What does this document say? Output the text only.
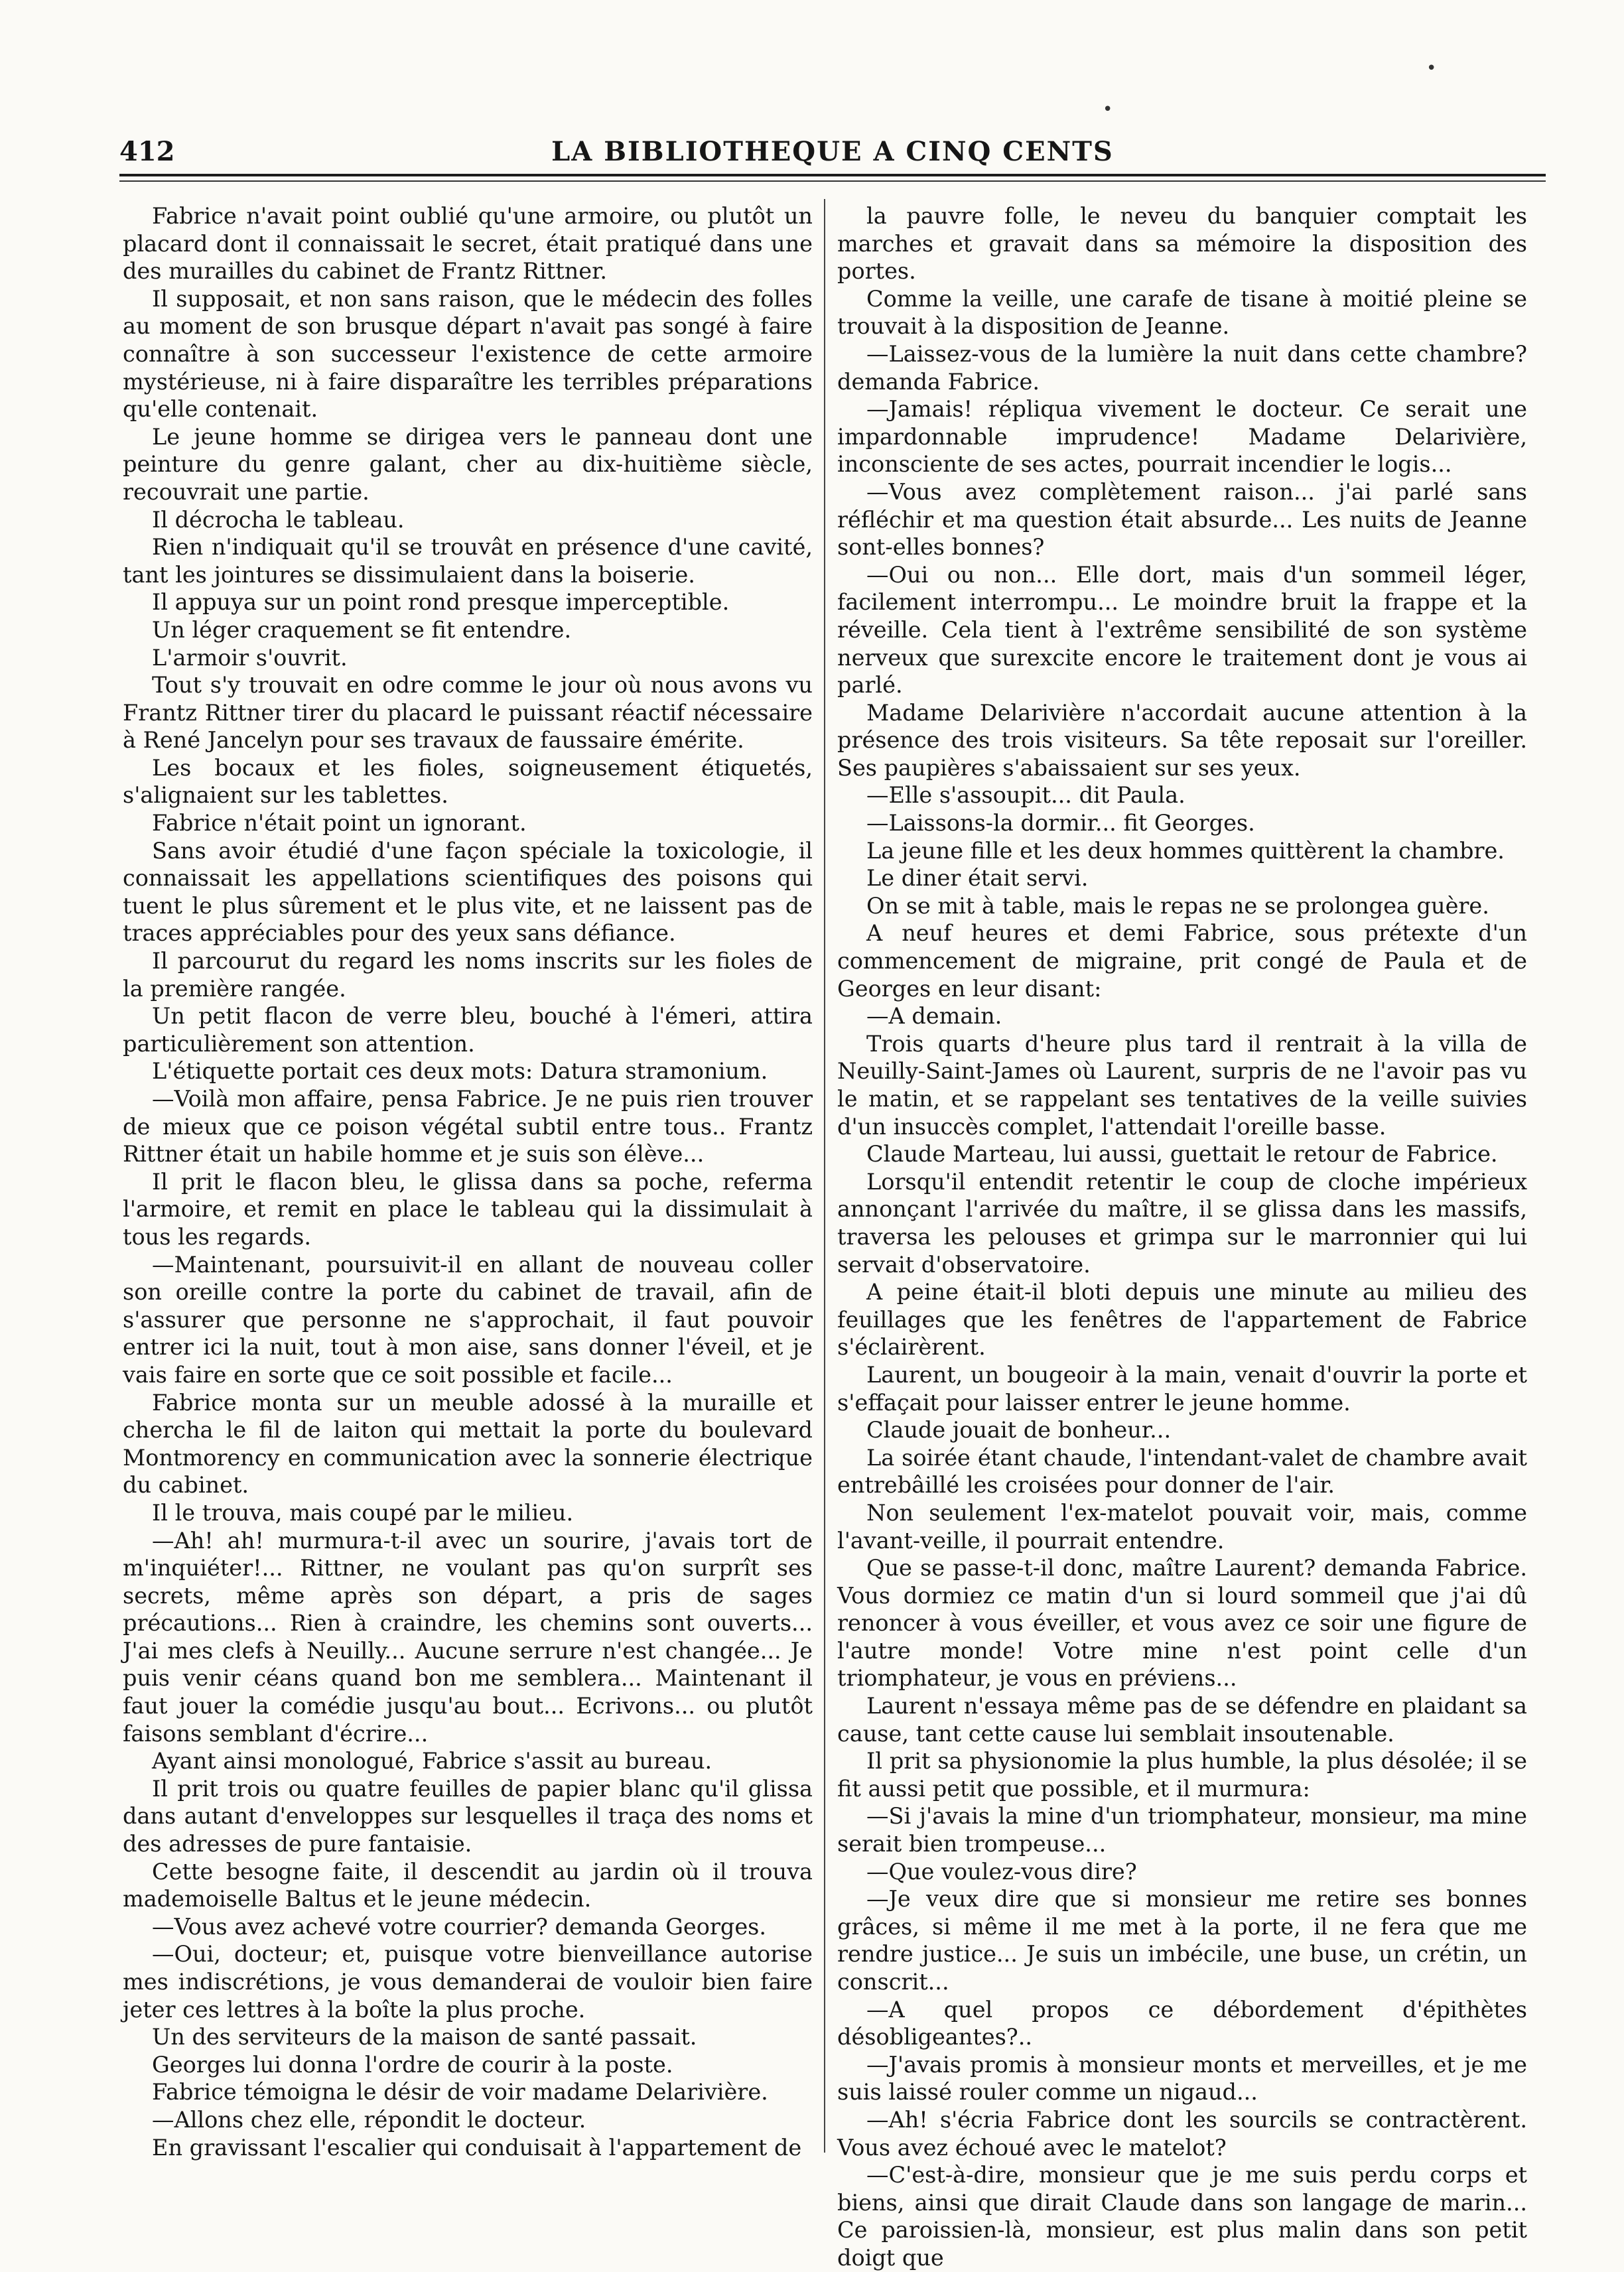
•
•
412	LA BIBLIOTHEQUE A CINQ CENTS

Fabrice n'avait point oublié qu'une armoire, ou plutôt un placard dont il connaissait le secret, était pratiqué dans une des murailles du cabinet de Frantz Rittner.

Il supposait, et non sans raison, que le médecin des folles au moment de son brusque départ n'avait pas songé à faire connaître à son successeur l'existence de cette armoire mystérieuse, ni à faire disparaître les terribles préparations qu'elle contenait.

Le jeune homme se dirigea vers le panneau dont une peinture du genre galant, cher au dix-huitième siècle, recouvrait une partie.

Il décrocha le tableau.

Rien n'indiquait qu'il se trouvât en présence d'une cavité, tant les jointures se dissimulaient dans la boiserie.

Il appuya sur un point rond presque imperceptible.

Un léger craquement se fit entendre.

L'armoir s'ouvrit.

Tout s'y trouvait en odre comme le jour où nous avons vu Frantz Rittner tirer du placard le puissant réactif nécessaire à René Jancelyn pour ses travaux de faussaire émérite.

Les bocaux et les fioles, soigneusement étiquetés, s'alignaient sur les tablettes.

Fabrice n'était point un ignorant.

Sans avoir étudié d'une façon spéciale la toxicologie, il connaissait les appellations scientifiques des poisons qui tuent le plus sûrement et le plus vite, et ne laissent pas de traces appréciables pour des yeux sans défiance.

Il parcourut du regard les noms inscrits sur les fioles de la première rangée.

Un petit flacon de verre bleu, bouché à l'émeri, attira particulièrement son attention.

L'étiquette portait ces deux mots: Datura stramonium.

—Voilà mon affaire, pensa Fabrice. Je ne puis rien trouver de mieux que ce poison végétal subtil entre tous.. Frantz Rittner était un habile homme et je suis son élève...

Il prit le flacon bleu, le glissa dans sa poche, referma l'armoire, et remit en place le tableau qui la dissimulait à tous les regards.

—Maintenant, poursuivit-il en allant de nouveau coller son oreille contre la porte du cabinet de travail, afin de s'assurer que personne ne s'approchait, il faut pouvoir entrer ici la nuit, tout à mon aise, sans donner l'éveil, et je vais faire en sorte que ce soit possible et facile...

Fabrice monta sur un meuble adossé à la muraille et chercha le fil de laiton qui mettait la porte du boulevard Montmorency en communication avec la sonnerie électrique du cabinet.

Il le trouva, mais coupé par le milieu.

—Ah! ah! murmura-t-il avec un sourire, j'avais tort de m'inquiéter!... Rittner, ne voulant pas qu'on surprît ses secrets, même après son départ, a pris de sages précautions... Rien à craindre, les chemins sont ouverts... J'ai mes clefs à Neuilly... Aucune serrure n'est changée... Je puis venir céans quand bon me semblera... Maintenant il faut jouer la comédie jusqu'au bout... Ecrivons... ou plutôt faisons semblant d'écrire...

Ayant ainsi monologué, Fabrice s'assit au bureau.

Il prit trois ou quatre feuilles de papier blanc qu'il glissa dans autant d'enveloppes sur lesquelles il traça des noms et des adresses de pure fantaisie.

Cette besogne faite, il descendit au jardin où il trouva mademoiselle Baltus et le jeune médecin.

—Vous avez achevé votre courrier? demanda Georges.

—Oui, docteur; et, puisque votre bienveillance autorise mes indiscrétions, je vous demanderai de vouloir bien faire jeter ces lettres à la boîte la plus proche.

Un des serviteurs de la maison de santé passait.

Georges lui donna l'ordre de courir à la poste.

Fabrice témoigna le désir de voir madame Delarivière.

—Allons chez elle, répondit le docteur.

En gravissant l'escalier qui conduisait à l'appartement de

la pauvre folle, le neveu du banquier comptait les marches et gravait dans sa mémoire la disposition des portes.

Comme la veille, une carafe de tisane à moitié pleine se trouvait à la disposition de Jeanne.

—Laissez-vous de la lumière la nuit dans cette chambre? demanda Fabrice.

—Jamais! répliqua vivement le docteur. Ce serait une impardonnable imprudence! Madame Delarivière, inconsciente de ses actes, pourrait incendier le logis...

—Vous avez complètement raison... j'ai parlé sans réfléchir et ma question était absurde... Les nuits de Jeanne sont-elles bonnes?

—Oui ou non... Elle dort, mais d'un sommeil léger, facilement interrompu... Le moindre bruit la frappe et la réveille. Cela tient à l'extrême sensibilité de son système nerveux que surexcite encore le traitement dont je vous ai parlé.

Madame Delarivière n'accordait aucune attention à la présence des trois visiteurs. Sa tête reposait sur l'oreiller. Ses paupières s'abaissaient sur ses yeux.

—Elle s'assoupit... dit Paula.

—Laissons-la dormir... fit Georges.

La jeune fille et les deux hommes quittèrent la chambre.

Le diner était servi.

On se mit à table, mais le repas ne se prolongea guère.

A neuf heures et demi Fabrice, sous prétexte d'un commencement de migraine, prit congé de Paula et de Georges en leur disant:

—A demain.

Trois quarts d'heure plus tard il rentrait à la villa de Neuilly-Saint-James où Laurent, surpris de ne l'avoir pas vu le matin, et se rappelant ses tentatives de la veille suivies d'un insuccès complet, l'attendait l'oreille basse.

Claude Marteau, lui aussi, guettait le retour de Fabrice.

Lorsqu'il entendit retentir le coup de cloche impérieux annonçant l'arrivée du maître, il se glissa dans les massifs, traversa les pelouses et grimpa sur le marronnier qui lui servait d'observatoire.

A peine était-il bloti depuis une minute au milieu des feuillages que les fenêtres de l'appartement de Fabrice s'éclairèrent.

Laurent, un bougeoir à la main, venait d'ouvrir la porte et s'effaçait pour laisser entrer le jeune homme.

Claude jouait de bonheur...

La soirée étant chaude, l'intendant-valet de chambre avait entrebâillé les croisées pour donner de l'air.

Non seulement l'ex-matelot pouvait voir, mais, comme l'avant-veille, il pourrait entendre.

Que se passe-t-il donc, maître Laurent? demanda Fabrice. Vous dormiez ce matin d'un si lourd sommeil que j'ai dû renoncer à vous éveiller, et vous avez ce soir une figure de l'autre monde! Votre mine n'est point celle d'un triomphateur, je vous en préviens...

Laurent n'essaya même pas de se défendre en plaidant sa cause, tant cette cause lui semblait insoutenable.

Il prit sa physionomie la plus humble, la plus désolée; il se fit aussi petit que possible, et il murmura:

—Si j'avais la mine d'un triomphateur, monsieur, ma mine serait bien trompeuse...

—Que voulez-vous dire?

—Je veux dire que si monsieur me retire ses bonnes grâces, si même il me met à la porte, il ne fera que me rendre justice... Je suis un imbécile, une buse, un crétin, un conscrit...

—A quel propos ce débordement d'épithètes désobligeantes?..

—J'avais promis à monsieur monts et merveilles, et je me suis laissé rouler comme un nigaud...

—Ah! s'écria Fabrice dont les sourcils se contractèrent. Vous avez échoué avec le matelot?

—C'est-à-dire, monsieur que je me suis perdu corps et biens, ainsi que dirait Claude dans son langage de marin... Ce paroissien-là, monsieur, est plus malin dans son petit doigt que
